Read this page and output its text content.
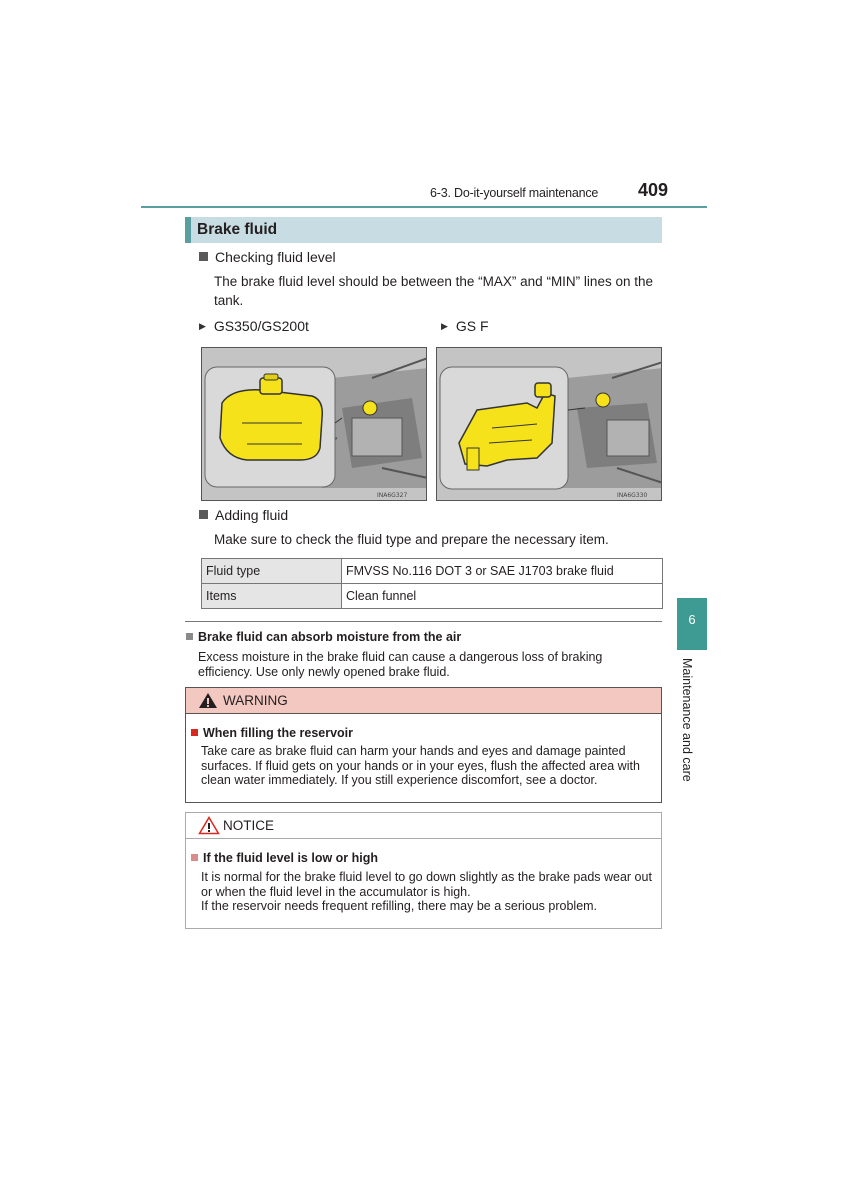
6-3. Do-it-yourself maintenance 409
6
Maintenance and care
Brake fluid
Checking fluid level
The brake fluid level should be between the “MAX” and “MIN” lines on the tank.
▶ GS350/GS200t	▶ GS F
INA6G327	INA6G330
Adding fluid
Make sure to check the fluid type and prepare the necessary item.
Fluid type	FMVSS No.116 DOT 3 or SAE J1703 brake fluid
Items	Clean funnel
Brake fluid can absorb moisture from the air
Excess moisture in the brake fluid can cause a dangerous loss of braking efficiency. Use only newly opened brake fluid.
WARNING
When filling the reservoir
Take care as brake fluid can harm your hands and eyes and damage painted surfaces. If fluid gets on your hands or in your eyes, flush the affected area with clean water immediately. If you still experience discomfort, see a doctor.
NOTICE
If the fluid level is low or high
It is normal for the brake fluid level to go down slightly as the brake pads wear out or when the fluid level in the accumulator is high.
If the reservoir needs frequent refilling, there may be a serious problem.
